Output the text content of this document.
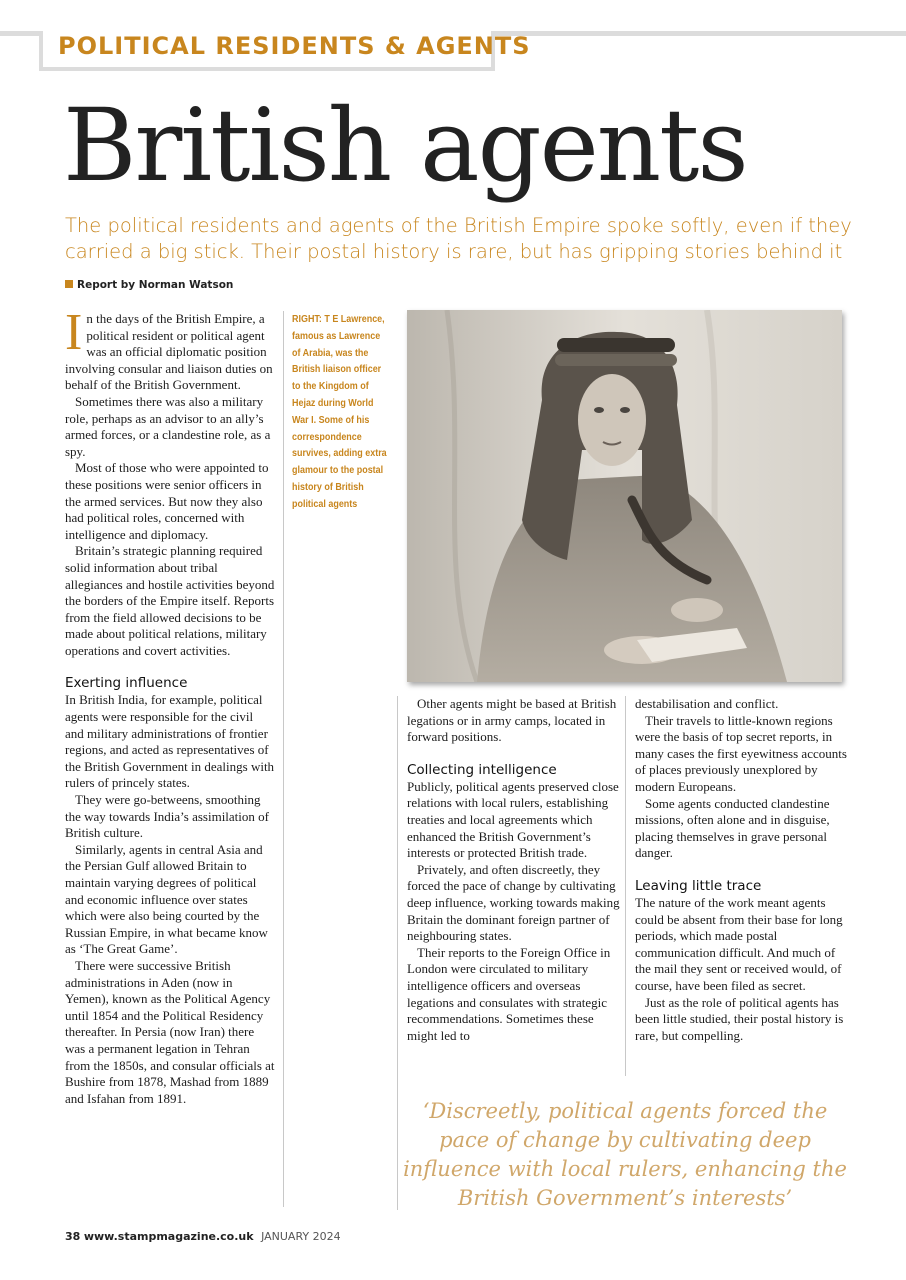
POLITICAL RESIDENTS & AGENTS
British agents
The political residents and agents of the British Empire spoke softly, even if they carried a big stick. Their postal history is rare, but has gripping stories behind it
Report by Norman Watson

In the days of the British Empire, a political resident or political agent was an official diplomatic position involving consular and liaison duties on behalf of the British Government.

Sometimes there was also a military role, perhaps as an advisor to an ally’s armed forces, or a clandestine role, as a spy.

Most of those who were appointed to these positions were senior officers in the armed services. But now they also had political roles, concerned with intelligence and diplomacy.

Britain’s strategic planning required solid information about tribal allegiances and hostile activities beyond the borders of the Empire itself. Reports from the field allowed decisions to be made about political relations, military operations and covert activities.

Exerting influence

In British India, for example, political agents were responsible for the civil and military administrations of frontier regions, and acted as representatives of the British Government in dealings with rulers of princely states.

They were go-betweens, smoothing the way towards India’s assimilation of British culture.

Similarly, agents in central Asia and the Persian Gulf allowed Britain to maintain varying degrees of political and economic influence over states which were also being courted by the Russian Empire, in what became know as ‘The Great Game’.

There were successive British administrations in Aden (now in Yemen), known as the Political Agency until 1854 and the Political Residency thereafter. In Persia (now Iran) there was a permanent legation in Tehran from the 1850s, and consular officials at Bushire from 1878, Mashad from 1889 and Isfahan from 1891.

RIGHT: T E Lawrence, famous as Lawrence of Arabia, was the British liaison officer to the Kingdom of Hejaz during World War I. Some of his correspondence survives, adding extra glamour to the postal history of British political agents

Other agents might be based at British legations or in army camps, located in forward positions.

Collecting intelligence

Publicly, political agents preserved close relations with local rulers, establishing treaties and local agreements which enhanced the British Government’s interests or protected British trade.

Privately, and often discreetly, they forced the pace of change by cultivating deep influence, working towards making Britain the dominant foreign partner of neighbouring states.

Their reports to the Foreign Office in London were circulated to military intelligence officers and overseas legations and consulates with strategic recommendations. Sometimes these might led to

destabilisation and conflict.

Their travels to little-known regions were the basis of top secret reports, in many cases the first eyewitness accounts of places previously unexplored by modern Europeans.

Some agents conducted clandestine missions, often alone and in disguise, placing themselves in grave personal danger.

Leaving little trace

The nature of the work meant agents could be absent from their base for long periods, which made postal communication difficult. And much of the mail they sent or received would, of course, have been filed as secret.

Just as the role of political agents has been little studied, their postal history is rare, but compelling.

‘Discreetly, political agents forced the pace of change by cultivating deep influence with local rulers, enhancing the British Government’s interests’
38 www.stampmagazine.co.uk JANUARY 2024
